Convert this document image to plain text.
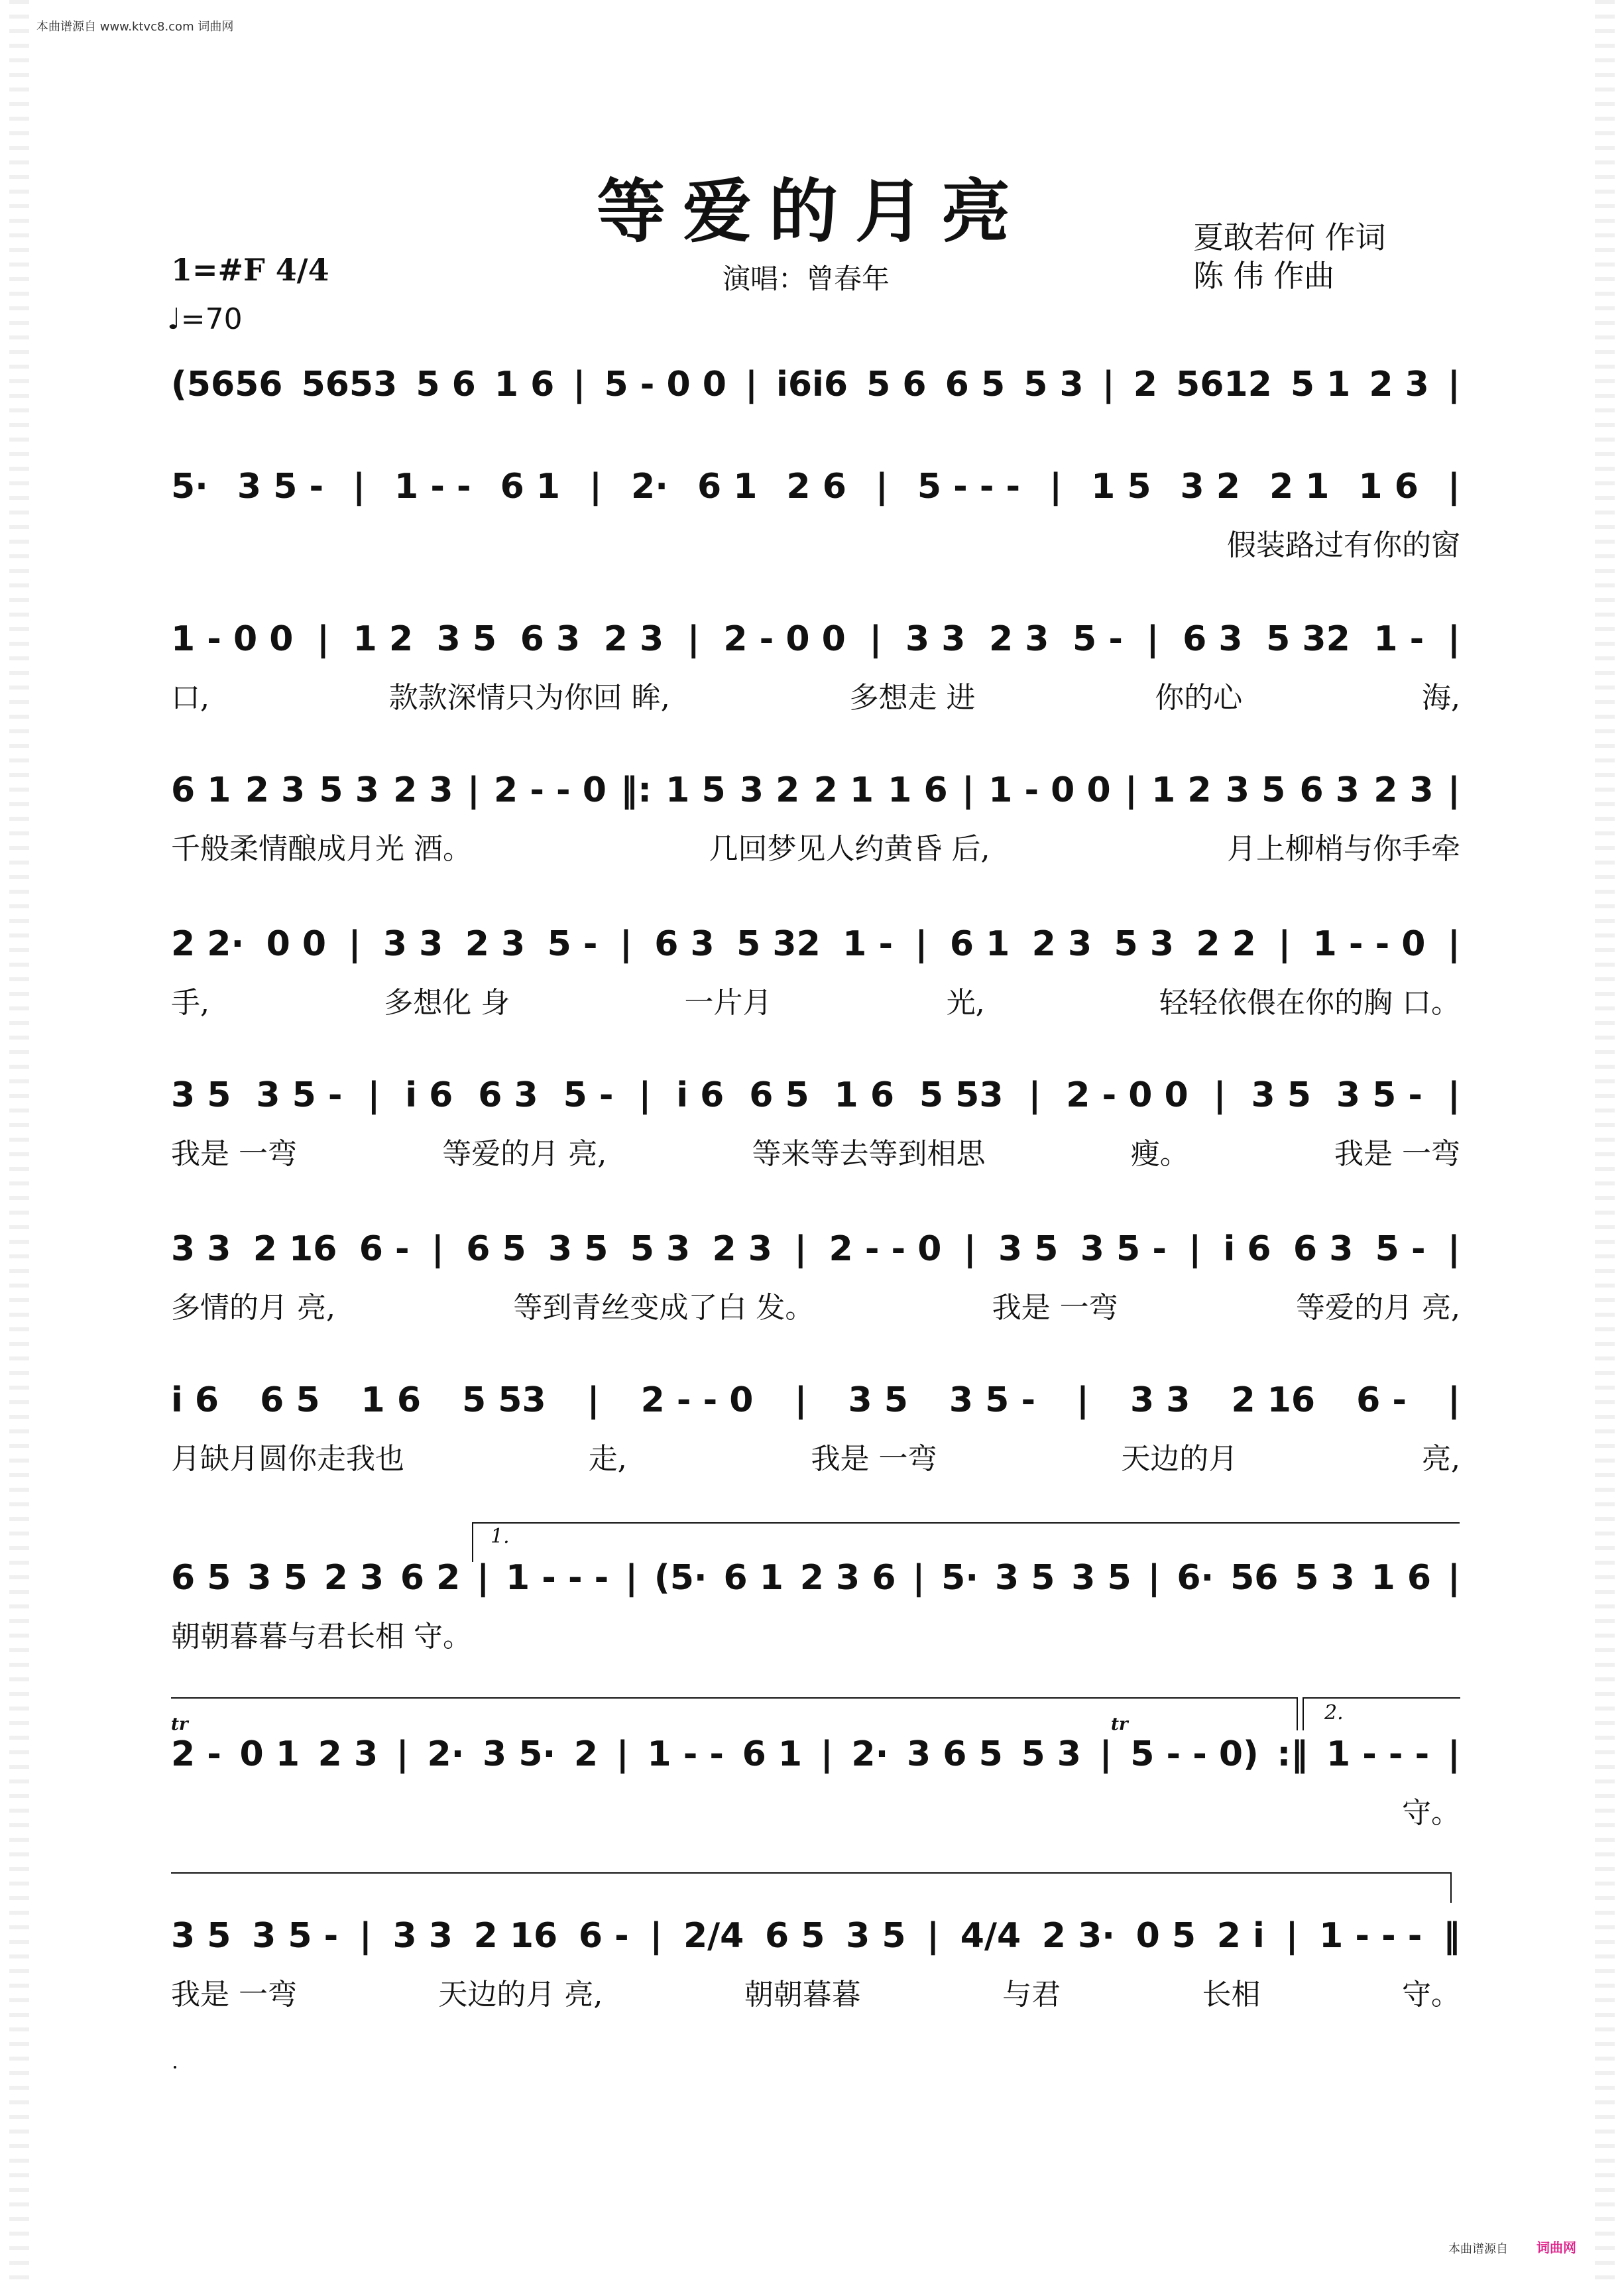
本曲谱源自 www.ktvc8.com 词曲网
等爱的月亮	夏敢若何 作词
陈 伟 作曲
演唱：曾春年
1=#F 4/4
♩=70
(5656 5653 5 6 1 6 | 5 - 0 0 | i6i6 5 6 6 5 5 3 | 2 5612 5 1 2 3 |
5· 3 5 - | 1 - - 6 1 | 2· 6 1 2 6 | 5 - - - | 1 5 3 2 2 1 1 6 |
假装路过有你的窗
1 - 0 0 | 1 2 3 5 6 3 2 3 | 2 - 0 0 | 3 3 2 3 5 - | 6 3 5 32 1 - |
口,	款款深情只为你回 眸,	多想走 进	你的心	海,
6 1 2 3 5 3 2 3 | 2 - - 0 ‖: 1 5 3 2 2 1 1 6 | 1 - 0 0 | 1 2 3 5 6 3 2 3 |
千般柔情酿成月光 酒。	几回梦见人约黄昏 后,	月上柳梢与你手牵
2 2· 0 0 | 3 3 2 3 5 - | 6 3 5 32 1 - | 6 1 2 3 5 3 2 2 | 1 - - 0 |
手,	多想化 身	一片月	光,	轻轻依偎在你的胸 口。
3 5 3 5 - | i 6 6 3 5 - | i 6 6 5 1 6 5 53 | 2 - 0 0 | 3 5 3 5 - |
我是 一弯	等爱的月 亮,	等来等去等到相思	瘦。	我是 一弯
3 3 2 16 6 - | 6 5 3 5 5 3 2 3 | 2 - - 0 | 3 5 3 5 - | i 6 6 3 5 - |
多情的月 亮,	等到青丝变成了白 发。	我是 一弯	等爱的月 亮,
i 6 6 5 1 6 5 53 | 2 - - 0 | 3 5 3 5 - | 3 3 2 16 6 - |
月缺月圆你走我也	走,	我是 一弯	天边的月	亮,
1.
6 5 3 5 2 3 6 2 | 1 - - - | (5· 6 1 2 3 6 | 5· 3 5 3 5 | 6· 56 5 3 1 6 |
朝朝暮暮与君长相 守。
2.
tr	tr
2 - 0 1 2 3 | 2· 3 5· 2 | 1 - - 6 1 | 2· 3 6 5 5 3 | 5 - - 0) :‖ 1 - - - |
守。
3 5 3 5 - | 3 3 2 16 6 - | 2/4 6 5 3 5 | 4/4 2 3· 0 5 2 i | 1 - - - ‖
我是 一弯	天边的月 亮,	朝朝暮暮	与君	长相	守。
本曲谱源自 词曲网
